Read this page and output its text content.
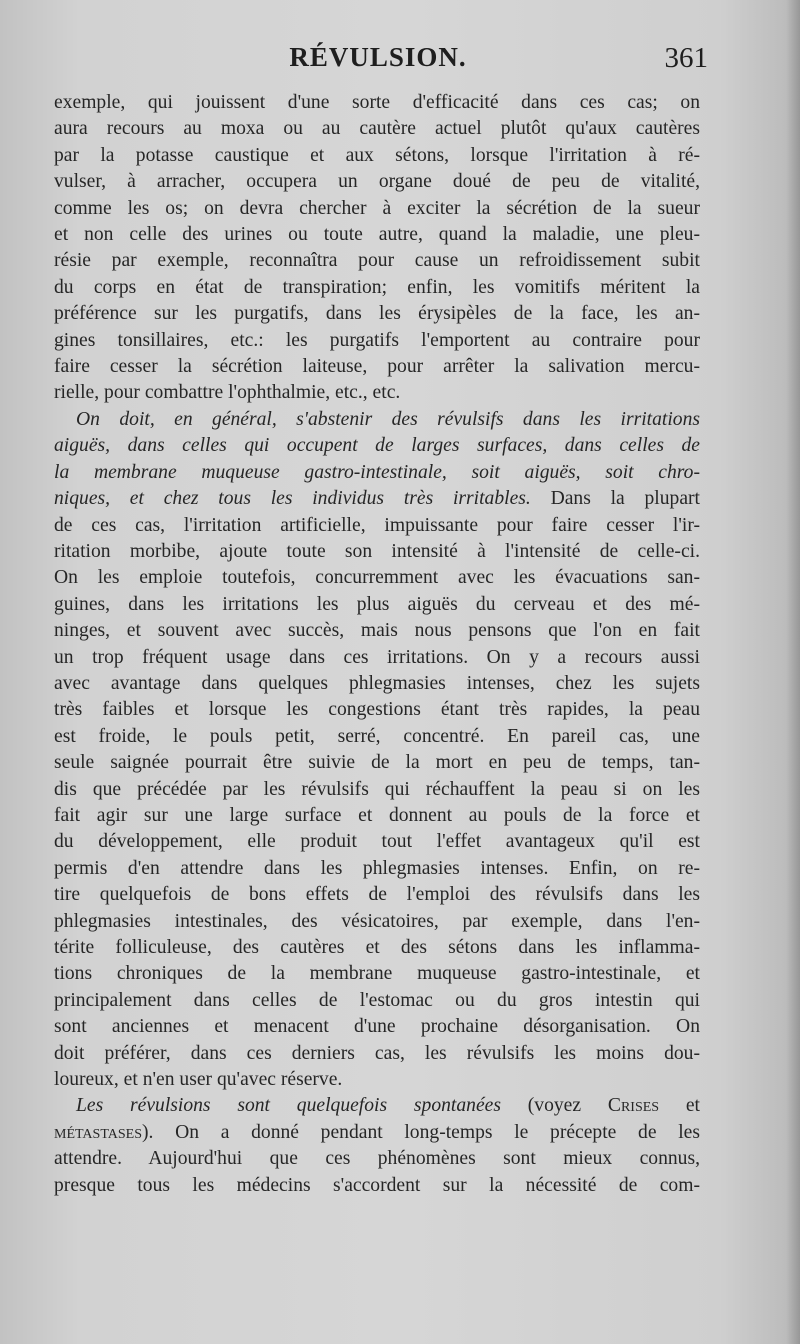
RÉVULSION.	361
exemple, qui jouissent d'une sorte d'efficacité dans ces cas; on
aura recours au moxa ou au cautère actuel plutôt qu'aux cautères
par la potasse caustique et aux sétons, lorsque l'irritation à ré-
vulser, à arracher, occupera un organe doué de peu de vitalité,
comme les os; on devra chercher à exciter la sécrétion de la sueur
et non celle des urines ou toute autre, quand la maladie, une pleu-
résie par exemple, reconnaîtra pour cause un refroidissement subit
du corps en état de transpiration; enfin, les vomitifs méritent la
préférence sur les purgatifs, dans les érysipèles de la face, les an-
gines tonsillaires, etc.: les purgatifs l'emportent au contraire pour
faire cesser la sécrétion laiteuse, pour arrêter la salivation mercu-
rielle, pour combattre l'ophthalmie, etc., etc.
On doit, en général, s'abstenir des révulsifs dans les irritations
aiguës, dans celles qui occupent de larges surfaces, dans celles de
la membrane muqueuse gastro-intestinale, soit aiguës, soit chro-
niques, et chez tous les individus très irritables. Dans la plupart
de ces cas, l'irritation artificielle, impuissante pour faire cesser l'ir-
ritation morbibe, ajoute toute son intensité à l'intensité de celle-ci.
On les emploie toutefois, concurremment avec les évacuations san-
guines, dans les irritations les plus aiguës du cerveau et des mé-
ninges, et souvent avec succès, mais nous pensons que l'on en fait
un trop fréquent usage dans ces irritations. On y a recours aussi
avec avantage dans quelques phlegmasies intenses, chez les sujets
très faibles et lorsque les congestions étant très rapides, la peau
est froide, le pouls petit, serré, concentré. En pareil cas, une
seule saignée pourrait être suivie de la mort en peu de temps, tan-
dis que précédée par les révulsifs qui réchauffent la peau si on les
fait agir sur une large surface et donnent au pouls de la force et
du développement, elle produit tout l'effet avantageux qu'il est
permis d'en attendre dans les phlegmasies intenses. Enfin, on re-
tire quelquefois de bons effets de l'emploi des révulsifs dans les
phlegmasies intestinales, des vésicatoires, par exemple, dans l'en-
térite folliculeuse, des cautères et des sétons dans les inflamma-
tions chroniques de la membrane muqueuse gastro-intestinale, et
principalement dans celles de l'estomac ou du gros intestin qui
sont anciennes et menacent d'une prochaine désorganisation. On
doit préférer, dans ces derniers cas, les révulsifs les moins dou-
loureux, et n'en user qu'avec réserve.
Les révulsions sont quelquefois spontanées (voyez Crises et
métastases). On a donné pendant long-temps le précepte de les
attendre. Aujourd'hui que ces phénomènes sont mieux connus,
presque tous les médecins s'accordent sur la nécessité de com-
